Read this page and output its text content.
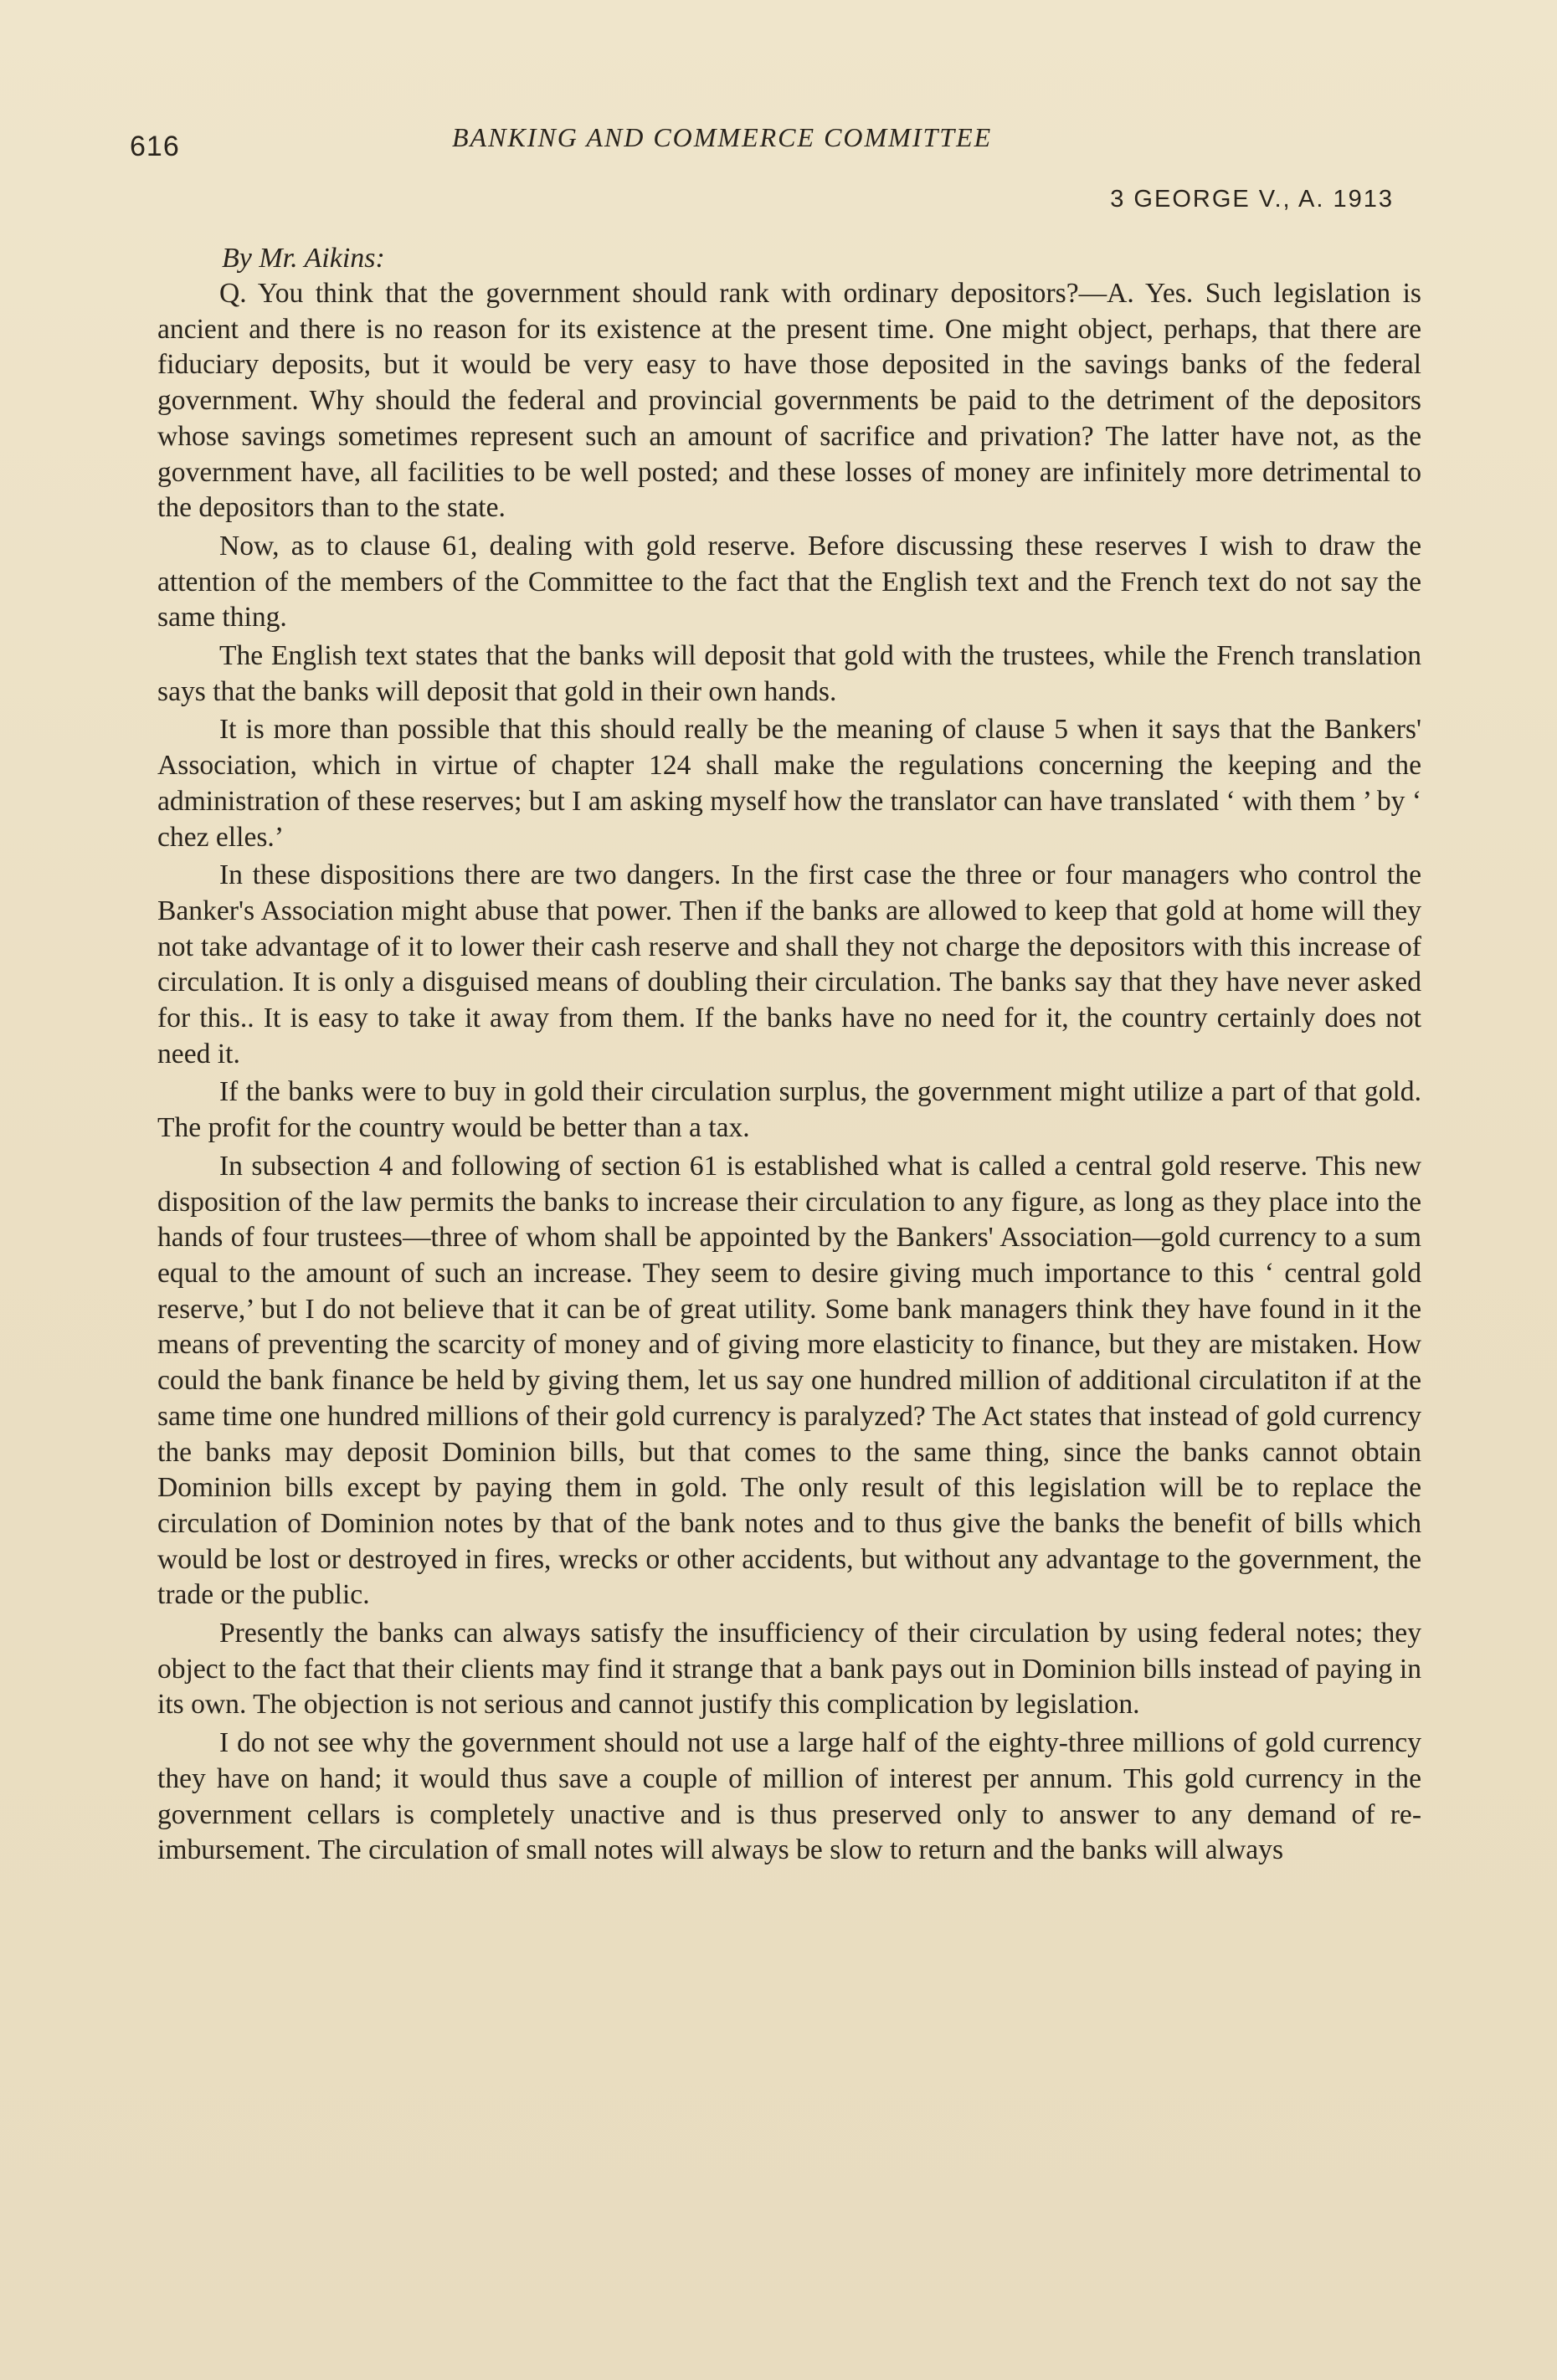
616	BANKING AND COMMERCE COMMITTEE
3 GEORGE V., A. 1913
By Mr. Aikins:

Q. You think that the government should rank with ordinary depositors?—A. Yes. Such legislation is ancient and there is no reason for its existence at the present time. One might object, perhaps, that there are fiduciary deposits, but it would be very easy to have those deposited in the savings banks of the federal government. Why should the federal and provincial governments be paid to the detriment of the depositors whose savings sometimes represent such an amount of sacrifice and privation? The latter have not, as the government have, all facilities to be well posted; and these losses of money are infinitely more detrimental to the depositors than to the state.

Now, as to clause 61, dealing with gold reserve. Before discussing these reserves I wish to draw the attention of the members of the Committee to the fact that the English text and the French text do not say the same thing.

The English text states that the banks will deposit that gold with the trustees, while the French translation says that the banks will deposit that gold in their own hands.

It is more than possible that this should really be the meaning of clause 5 when it says that the Bankers' Association, which in virtue of chapter 124 shall make the regulations concerning the keeping and the administration of these reserves; but I am asking myself how the translator can have translated ‘ with them ’ by ‘ chez elles.’

In these dispositions there are two dangers. In the first case the three or four managers who control the Banker's Association might abuse that power. Then if the banks are allowed to keep that gold at home will they not take advantage of it to lower their cash reserve and shall they not charge the depositors with this increase of circulation. It is only a disguised means of doubling their circulation. The banks say that they have never asked for this.. It is easy to take it away from them. If the banks have no need for it, the country certainly does not need it.

If the banks were to buy in gold their circulation surplus, the government might utilize a part of that gold. The profit for the country would be better than a tax.

In subsection 4 and following of section 61 is established what is called a central gold reserve. This new disposition of the law permits the banks to increase their circulation to any figure, as long as they place into the hands of four trustees—three of whom shall be appointed by the Bankers' Association—gold currency to a sum equal to the amount of such an increase. They seem to desire giving much importance to this ‘ central gold reserve,’ but I do not believe that it can be of great utility. Some bank managers think they have found in it the means of preventing the scarcity of money and of giving more elasticity to finance, but they are mistaken. How could the bank finance be held by giving them, let us say one hundred million of additional circulatiton if at the same time one hundred millions of their gold currency is paralyzed? The Act states that instead of gold currency the banks may deposit Dominion bills, but that comes to the same thing, since the banks cannot obtain Dominion bills except by paying them in gold. The only result of this legislation will be to replace the circulation of Dominion notes by that of the bank notes and to thus give the banks the benefit of bills which would be lost or destroyed in fires, wrecks or other accidents, but without any advantage to the government, the trade or the public.

Presently the banks can always satisfy the insufficiency of their circulation by using federal notes; they object to the fact that their clients may find it strange that a bank pays out in Dominion bills instead of paying in its own. The objection is not serious and cannot justify this complication by legislation.

I do not see why the government should not use a large half of the eighty-three millions of gold currency they have on hand; it would thus save a couple of million of interest per annum. This gold currency in the government cellars is completely unactive and is thus preserved only to answer to any demand of re-imbursement. The circulation of small notes will always be slow to return and the banks will always
